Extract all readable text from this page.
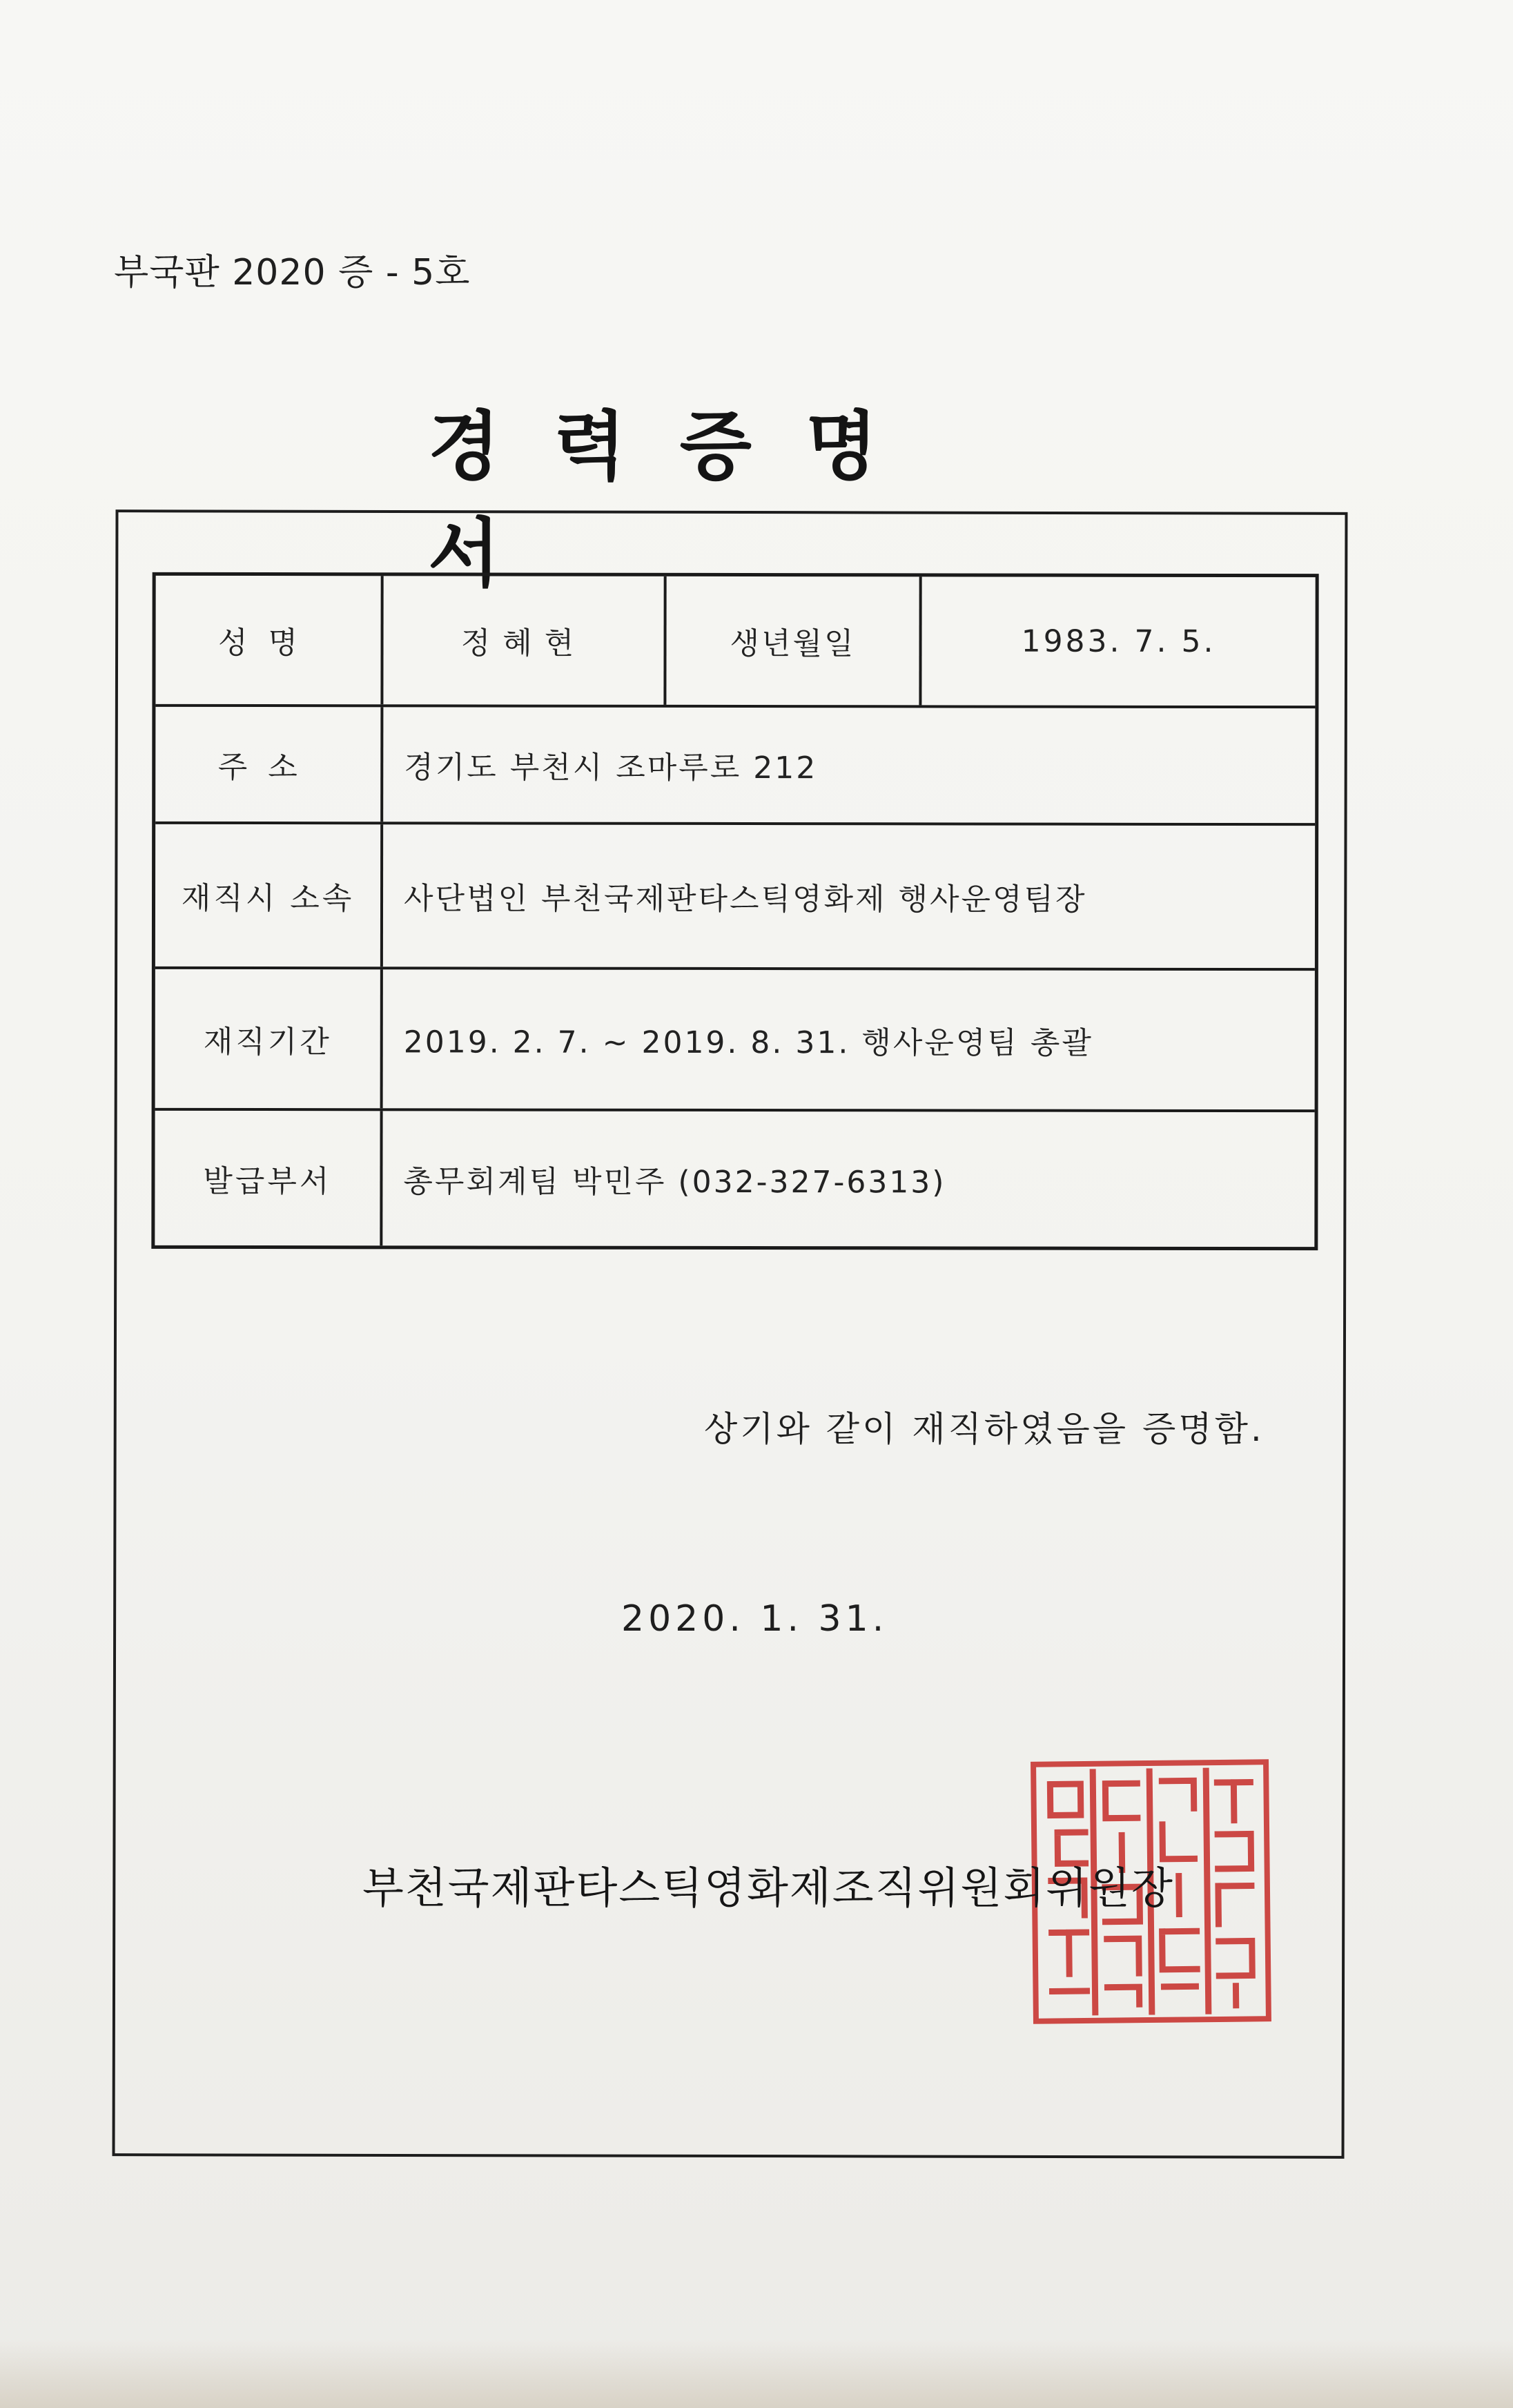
부국판 2020 증 - 5호
경력증명서
성명	정혜현	생년월일	1983. 7. 5.
주소	경기도 부천시 조마루로 212
재직시 소속	사단법인 부천국제판타스틱영화제 행사운영팀장
재직기간	2019. 2. 7. ~ 2019. 8. 31. 행사운영팀 총괄
발급부서	총무회계팀 박민주 (032-327-6313)
상기와 같이 재직하였음을 증명함.
2020. 1. 31.
부천국제판타스틱영화제조직위원회위원장
